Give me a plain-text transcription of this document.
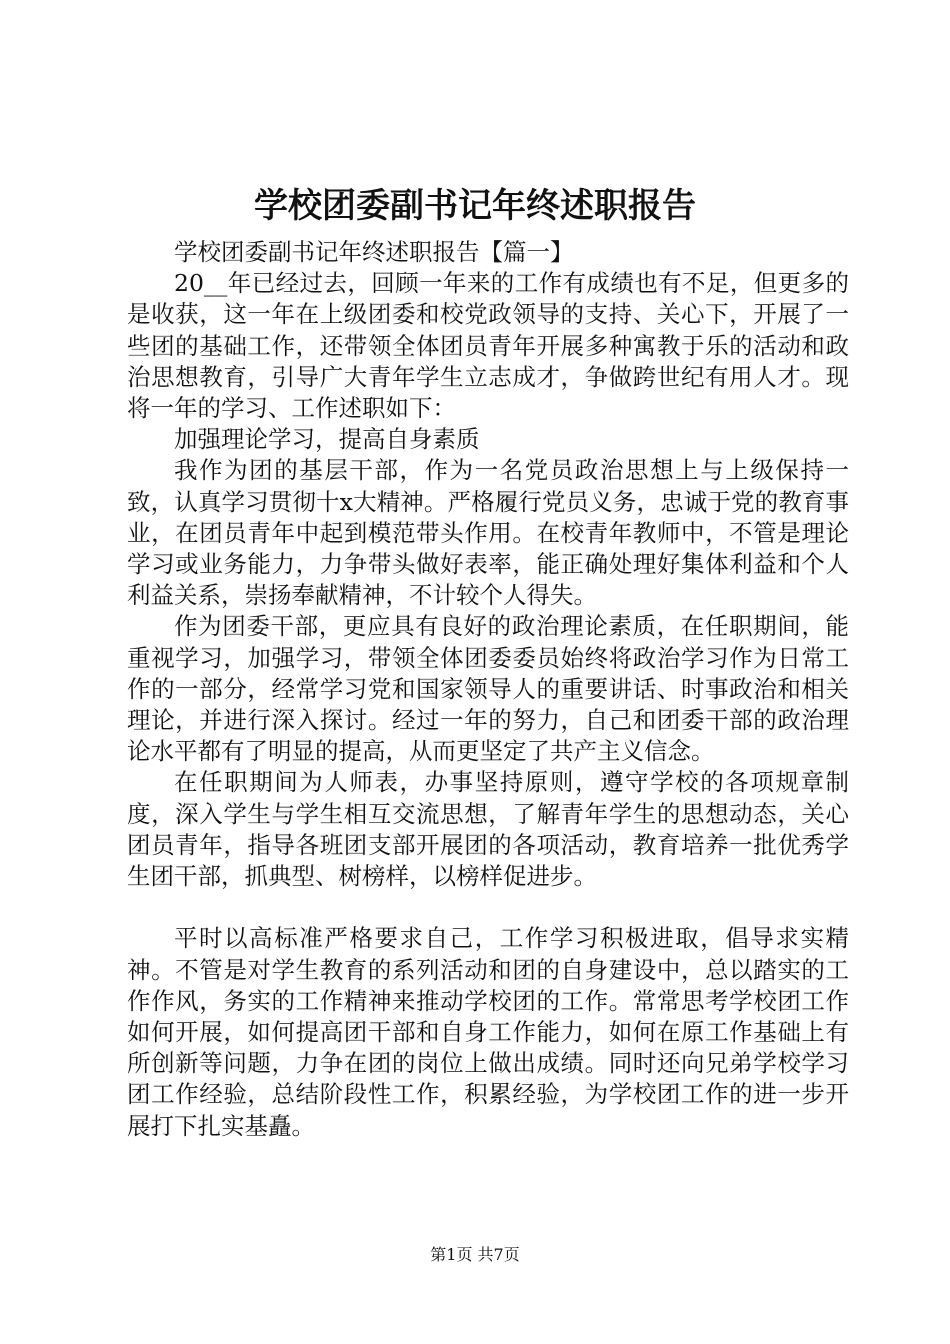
学校团委副书记年终述职报告

学校团委副书记年终述职报告【篇一】

20__年已经过去，回顾一年来的工作有成绩也有不足，但更多的是收获，这一年在上级团委和校党政领导的支持、关心下，开展了一些团的基础工作，还带领全体团员青年开展多种寓教于乐的活动和政治思想教育，引导广大青年学生立志成才，争做跨世纪有用人才。现将一年的学习、工作述职如下：

加强理论学习，提高自身素质

我作为团的基层干部，作为一名党员政治思想上与上级保持一致，认真学习贯彻十x大精神。严格履行党员义务，忠诚于党的教育事业，在团员青年中起到模范带头作用。在校青年教师中，不管是理论学习或业务能力，力争带头做好表率，能正确处理好集体利益和个人利益关系，崇扬奉献精神，不计较个人得失。

作为团委干部，更应具有良好的政治理论素质，在任职期间，能重视学习，加强学习，带领全体团委委员始终将政治学习作为日常工作的一部分，经常学习党和国家领导人的重要讲话、时事政治和相关理论，并进行深入探讨。经过一年的努力，自己和团委干部的政治理论水平都有了明显的提高，从而更坚定了共产主义信念。

在任职期间为人师表，办事坚持原则，遵守学校的各项规章制度，深入学生与学生相互交流思想，了解青年学生的思想动态，关心团员青年，指导各班团支部开展团的各项活动，教育培养一批优秀学生团干部，抓典型、树榜样，以榜样促进步。

平时以高标准严格要求自己，工作学习积极进取，倡导求实精神。不管是对学生教育的系列活动和团的自身建设中，总以踏实的工作作风，务实的工作精神来推动学校团的工作。常常思考学校团工作如何开展，如何提高团干部和自身工作能力，如何在原工作基础上有所创新等问题，力争在团的岗位上做出成绩。同时还向兄弟学校学习团工作经验，总结阶段性工作，积累经验，为学校团工作的进一步开展打下扎实基矗。

第1页 共7页
